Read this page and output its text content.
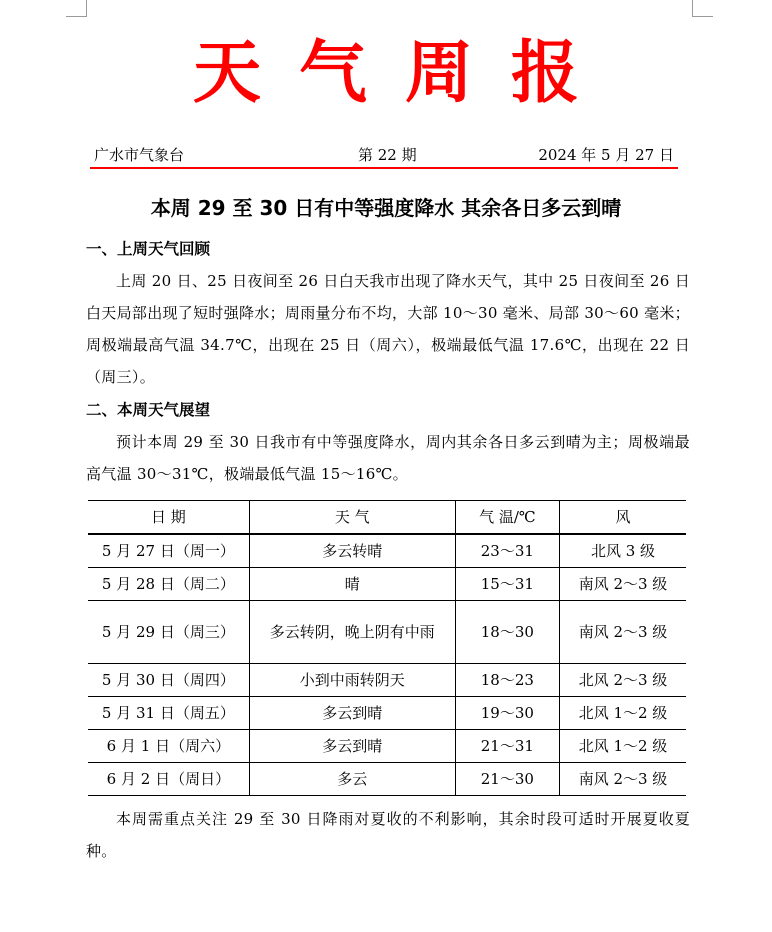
天气周报
广水市气象台	第 22 期	2024 年 5 月 27 日
本周 29 至 30 日有中等强度降水 其余各日多云到晴
一、上周天气回顾
上周 20 日、25 日夜间至 26 日白天我市出现了降水天气，其中 25 日夜间至 26 日白天局部出现了短时强降水；周雨量分布不均，大部 10～30 毫米、局部 30～60 毫米；周极端最高气温 34.7℃，出现在 25 日（周六），极端最低气温 17.6℃，出现在 22 日（周三）。
二、本周天气展望
预计本周 29 至 30 日我市有中等强度降水，周内其余各日多云到晴为主；周极端最高气温 30～31℃，极端最低气温 15～16℃。
日 期	天 气	气 温/℃	风
5 月 27 日（周一）	多云转晴	23～31	北风 3 级
5 月 28 日（周二）	晴	15～31	南风 2～3 级
5 月 29 日（周三）	多云转阴，晚上阴有中雨	18～30	南风 2～3 级
5 月 30 日（周四）	小到中雨转阴天	18～23	北风 2～3 级
5 月 31 日（周五）	多云到晴	19～30	北风 1～2 级
6 月 1 日（周六）	多云到晴	21～31	北风 1～2 级
6 月 2 日（周日）	多云	21～30	南风 2～3 级
本周需重点关注 29 至 30 日降雨对夏收的不利影响，其余时段可适时开展夏收夏种。
